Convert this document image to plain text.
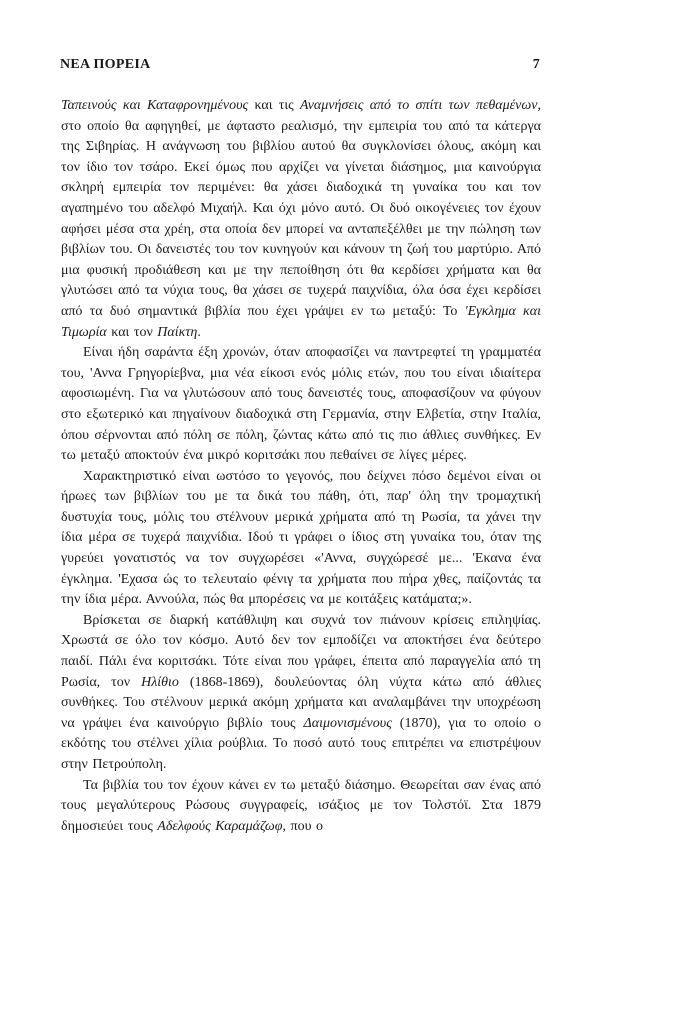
ΝΕΑ ΠΟΡΕΙΑ	7

Ταπεινούς και Καταφρονημένους και τις Αναμνήσεις από το σπίτι των πεθαμένων, στο οποίο θα αφηγηθεί, με άφταστο ρεαλισμό, την εμπειρία του από τα κάτεργα της Σιβηρίας. Η ανάγνωση του βιβλίου αυτού θα συγκλονίσει όλους, ακόμη και τον ίδιο τον τσάρο. Εκεί όμως που αρχίζει να γίνεται διάσημος, μια καινούργια σκληρή εμπειρία τον περιμένει: θα χάσει διαδοχικά τη γυναίκα του και τον αγαπημένο του αδελφό Μιχαήλ. Και όχι μόνο αυτό. Οι δυό οικογένειες τον έχουν αφήσει μέσα στα χρέη, στα οποία δεν μπορεί να ανταπεξέλθει με την πώληση των βιβλίων του. Οι δανειστές του τον κυνηγούν και κάνουν τη ζωή του μαρτύριο. Από μια φυσική προδιάθεση και με την πεποίθηση ότι θα κερδίσει χρήματα και θα γλυτώσει από τα νύχια τους, θα χάσει σε τυχερά παιχνίδια, όλα όσα έχει κερδίσει από τα δυό σημαντικά βιβλία που έχει γράψει εν τω μεταξύ: Το 'Εγκλημα και Τιμωρία και τον Παίκτη.

Είναι ήδη σαράντα έξη χρονών, όταν αποφασίζει να παντρεφτεί τη γραμματέα του, 'Αννα Γρηγορίεβνα, μια νέα είκοσι ενός μόλις ετών, που του είναι ιδιαίτερα αφοσιωμένη. Για να γλυτώσουν από τους δανειστές τους, αποφασίζουν να φύγουν στο εξωτερικό και πηγαίνουν διαδοχικά στη Γερμανία, στην Ελβετία, στην Ιταλία, όπου σέρνονται από πόλη σε πόλη, ζώντας κάτω από τις πιο άθλιες συνθήκες. Εν τω μεταξύ αποκτούν ένα μικρό κοριτσάκι που πεθαίνει σε λίγες μέρες.

Χαρακτηριστικό είναι ωστόσο το γεγονός, που δείχνει πόσο δεμένοι είναι οι ήρωες των βιβλίων του με τα δικά του πάθη, ότι, παρ' όλη την τρομαχτική δυστυχία τους, μόλις του στέλνουν μερικά χρήματα από τη Ρωσία, τα χάνει την ίδια μέρα σε τυχερά παιχνίδια. Ιδού τι γράφει ο ίδιος στη γυναίκα του, όταν της γυρεύει γονατιστός να τον συγχωρέσει «'Αννα, συγχώρεσέ με... 'Εκανα ένα έγκλημα. 'Εχασα ώς το τελευταίο φένιγ τα χρήματα που πήρα χθες, παίζοντάς τα την ίδια μέρα. Αννούλα, πώς θα μπορέσεις να με κοιτάξεις κατάματα;».

Βρίσκεται σε διαρκή κατάθλιψη και συχνά τον πιάνουν κρίσεις επιληψίας. Χρωστά σε όλο τον κόσμο. Αυτό δεν τον εμποδίζει να αποκτήσει ένα δεύτερο παιδί. Πάλι ένα κοριτσάκι. Τότε είναι που γράφει, έπειτα από παραγγελία από τη Ρωσία, τον Ηλίθιο (1868-1869), δουλεύοντας όλη νύχτα κάτω από άθλιες συνθήκες. Του στέλνουν μερικά ακόμη χρήματα και αναλαμβάνει την υποχρέωση να γράψει ένα καινούργιο βιβλίο τους Δαιμονισμένους (1870), για το οποίο ο εκδότης του στέλνει χίλια ρούβλια. Το ποσό αυτό τους επιτρέπει να επιστρέψουν στην Πετρούπολη.

Τα βιβλία του τον έχουν κάνει εν τω μεταξύ διάσημο. Θεωρείται σαν ένας από τους μεγαλύτερους Ρώσους συγγραφείς, ισάξιος με τον Τολστόϊ. Στα 1879 δημοσιεύει τους Αδελφούς Καραμάζωφ, που ο
